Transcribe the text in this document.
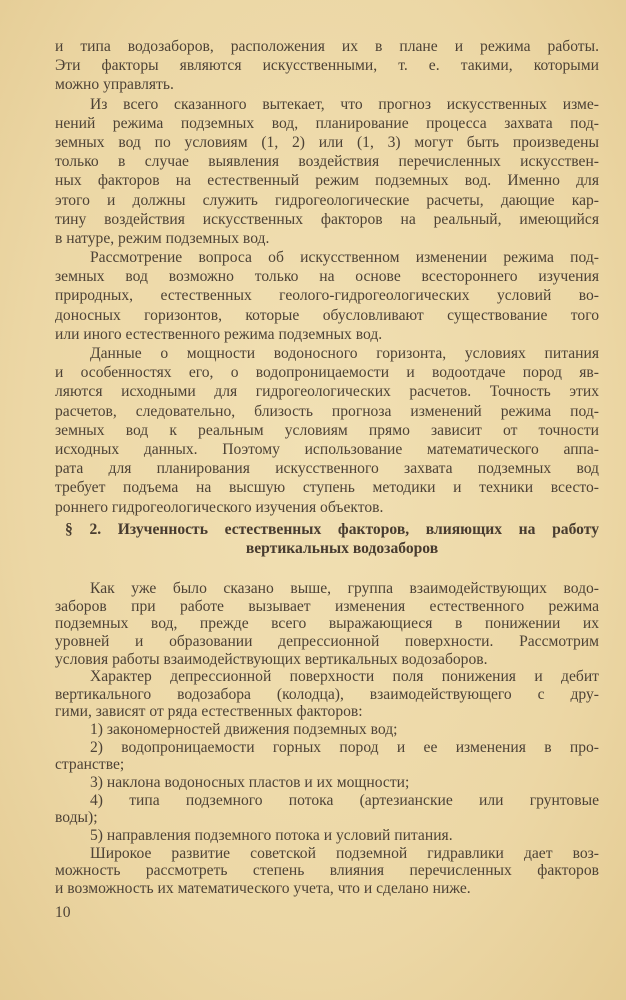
и типа водозаборов, расположения их в плане и режима работы.
Эти факторы являются искусственными, т. е. такими, которыми
можно управлять.
Из всего сказанного вытекает, что прогноз искусственных изме-
нений режима подземных вод, планирование процесса захвата под-
земных вод по условиям (1, 2) или (1, 3) могут быть произведены
только в случае выявления воздействия перечисленных искусствен-
ных факторов на естественный режим подземных вод. Именно для
этого и должны служить гидрогеологические расчеты, дающие кар-
тину воздействия искусственных факторов на реальный, имеющийся
в натуре, режим подземных вод.
Рассмотрение вопроса об искусственном изменении режима под-
земных вод возможно только на основе всестороннего изучения
природных, естественных геолого-гидрогеологических условий во-
доносных горизонтов, которые обусловливают существование того
или иного естественного режима подземных вод.
Данные о мощности водоносного горизонта, условиях питания
и особенностях его, о водопроницаемости и водоотдаче пород яв-
ляются исходными для гидрогеологических расчетов. Точность этих
расчетов, следовательно, близость прогноза изменений режима под-
земных вод к реальным условиям прямо зависит от точности
исходных данных. Поэтому использование математического аппа-
рата для планирования искусственного захвата подземных вод
требует подъема на высшую ступень методики и техники всесто-
роннего гидрогеологического изучения объектов.
§ 2. Изученность естественных факторов, влияющих на работу
вертикальных водозаборов
Как уже было сказано выше, группа взаимодействующих водо-
заборов при работе вызывает изменения естественного режима
подземных вод, прежде всего выражающиеся в понижении их
уровней и образовании депрессионной поверхности. Рассмотрим
условия работы взаимодействующих вертикальных водозаборов.
Характер депрессионной поверхности поля понижения и дебит
вертикального водозабора (колодца), взаимодействующего с дру-
гими, зависят от ряда естественных факторов:
1) закономерностей движения подземных вод;
2) водопроницаемости горных пород и ее изменения в про-
странстве;
3) наклона водоносных пластов и их мощности;
4) типа подземного потока (артезианские или грунтовые
воды);
5) направления подземного потока и условий питания.
Широкое развитие советской подземной гидравлики дает воз-
можность рассмотреть степень влияния перечисленных факторов
и возможность их математического учета, что и сделано ниже.
10
